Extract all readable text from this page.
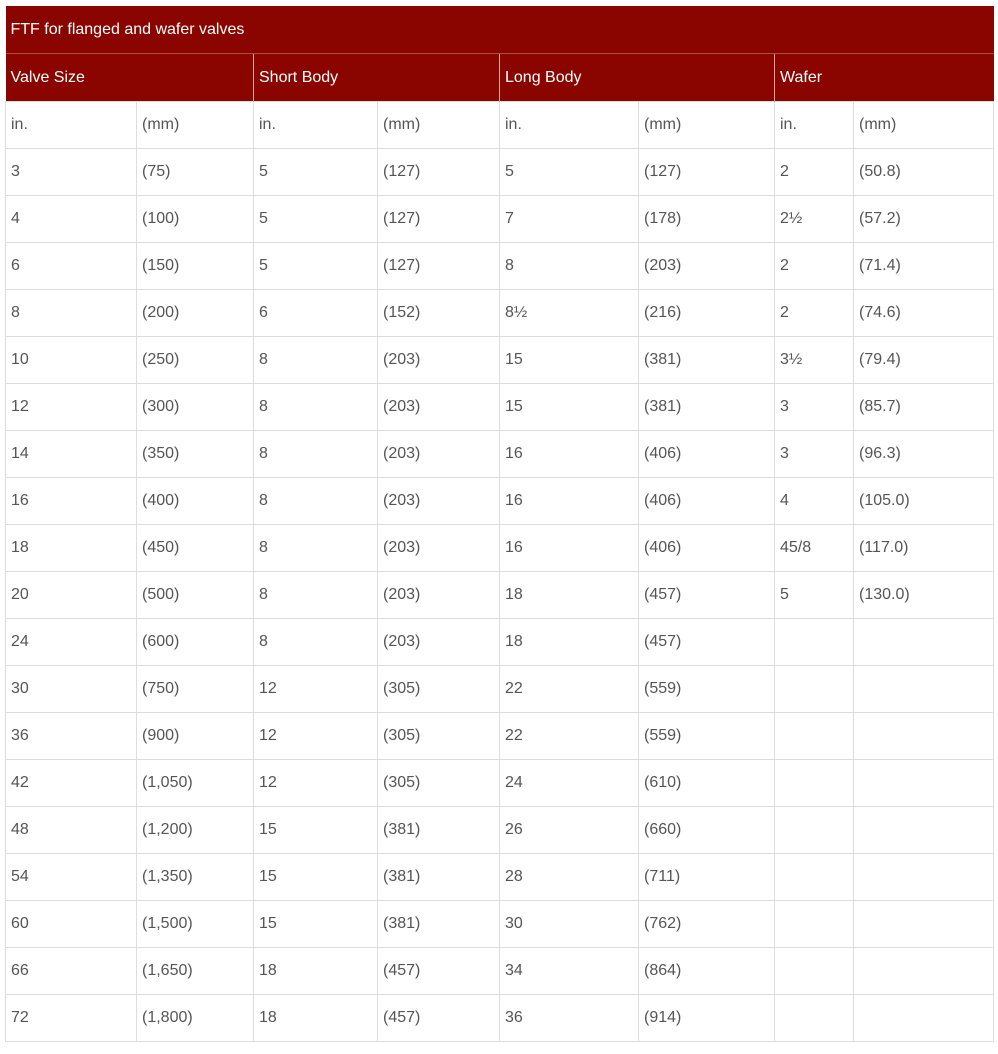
FTF for flanged and wafer valves							
Valve Size		Short Body		Long Body		Wafer	
in.	(mm)	in.	(mm)	in.	(mm)	in.	(mm)
3	(75)	5	(127)	5	(127)	2	(50.8)
4	(100)	5	(127)	7	(178)	2½	(57.2)
6	(150)	5	(127)	8	(203)	2	(71.4)
8	(200)	6	(152)	8½	(216)	2	(74.6)
10	(250)	8	(203)	15	(381)	3½	(79.4)
12	(300)	8	(203)	15	(381)	3	(85.7)
14	(350)	8	(203)	16	(406)	3	(96.3)
16	(400)	8	(203)	16	(406)	4	(105.0)
18	(450)	8	(203)	16	(406)	45/8	(117.0)
20	(500)	8	(203)	18	(457)	5	(130.0)
24	(600)	8	(203)	18	(457)		
30	(750)	12	(305)	22	(559)		
36	(900)	12	(305)	22	(559)		
42	(1,050)	12	(305)	24	(610)		
48	(1,200)	15	(381)	26	(660)		
54	(1,350)	15	(381)	28	(711)		
60	(1,500)	15	(381)	30	(762)		
66	(1,650)	18	(457)	34	(864)		
72	(1,800)	18	(457)	36	(914)		
